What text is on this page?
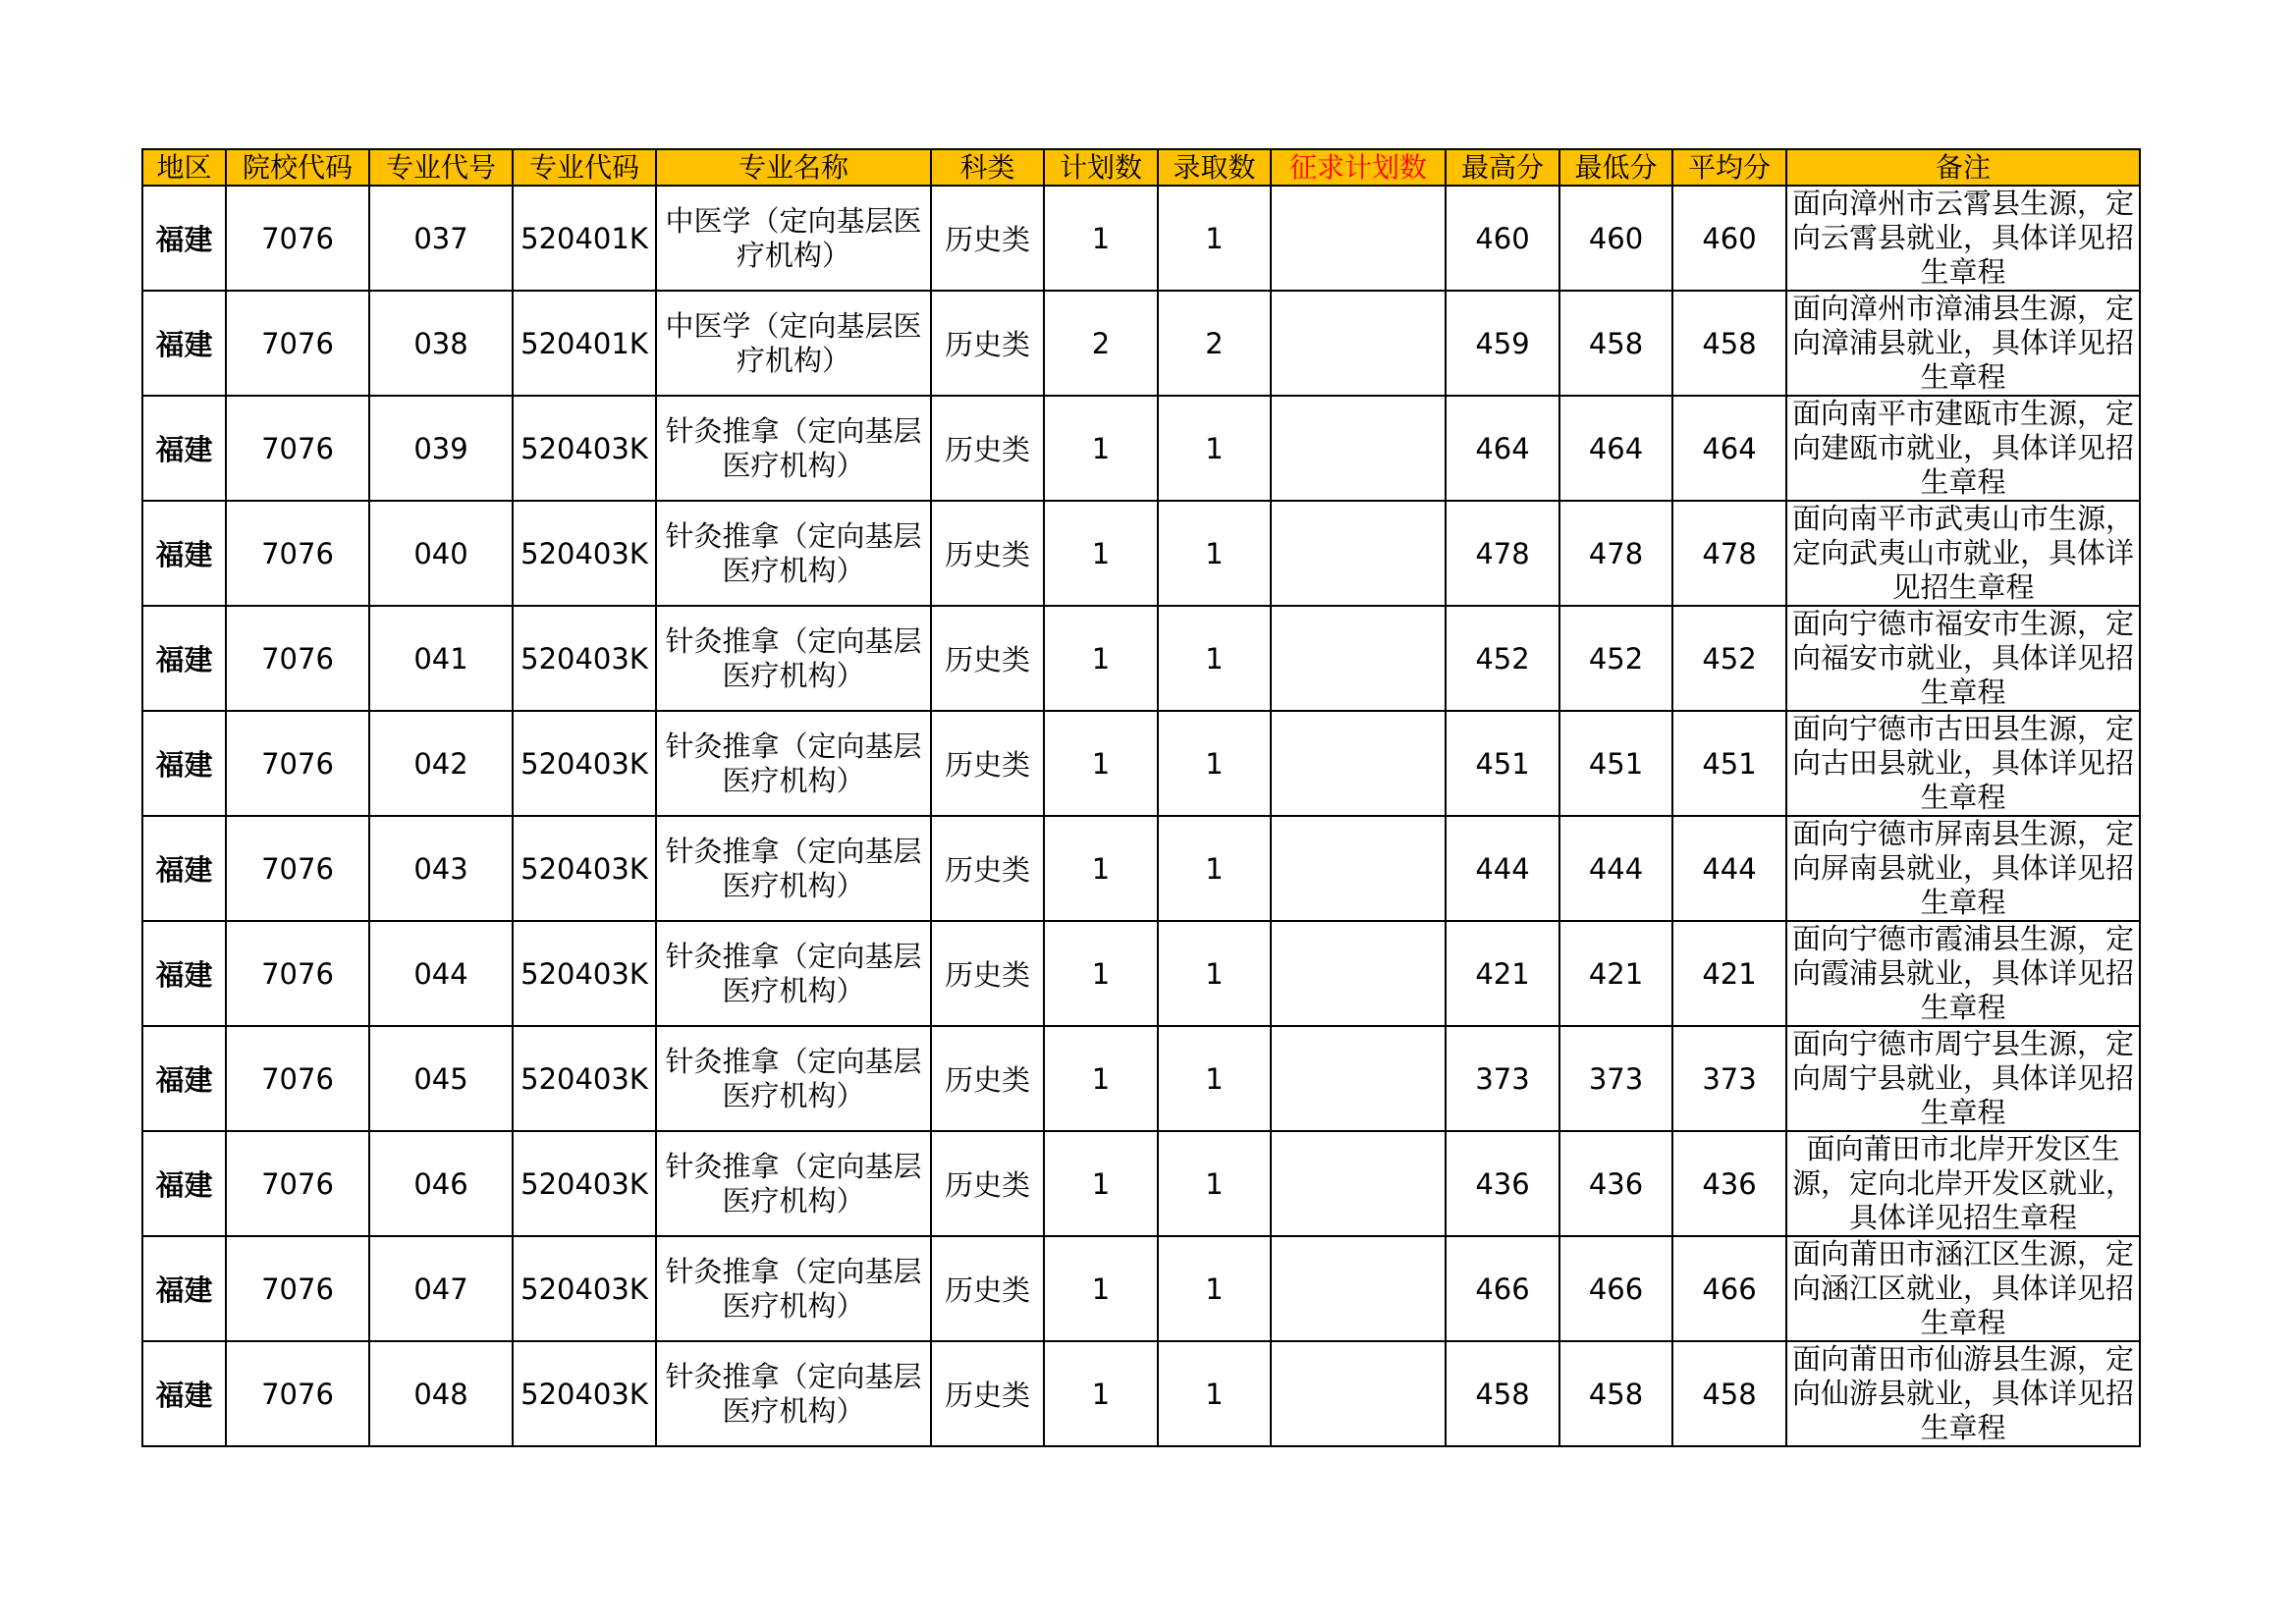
地区	院校代码	专业代号	专业代码	专业名称	科类	计划数	录取数	征求计划数	最高分	最低分	平均分	备注
福建	7076	037	520401K	中医学（定向基层医疗机构）	历史类	1	1		460	460	460	面向漳州市云霄县生源，定向云霄县就业，具体详见招生章程
福建	7076	038	520401K	中医学（定向基层医疗机构）	历史类	2	2		459	458	458	面向漳州市漳浦县生源，定向漳浦县就业，具体详见招生章程
福建	7076	039	520403K	针灸推拿（定向基层医疗机构）	历史类	1	1		464	464	464	面向南平市建瓯市生源，定向建瓯市就业，具体详见招生章程
福建	7076	040	520403K	针灸推拿（定向基层医疗机构）	历史类	1	1		478	478	478	面向南平市武夷山市生源，定向武夷山市就业，具体详见招生章程
福建	7076	041	520403K	针灸推拿（定向基层医疗机构）	历史类	1	1		452	452	452	面向宁德市福安市生源，定向福安市就业，具体详见招生章程
福建	7076	042	520403K	针灸推拿（定向基层医疗机构）	历史类	1	1		451	451	451	面向宁德市古田县生源，定向古田县就业，具体详见招生章程
福建	7076	043	520403K	针灸推拿（定向基层医疗机构）	历史类	1	1		444	444	444	面向宁德市屏南县生源，定向屏南县就业，具体详见招生章程
福建	7076	044	520403K	针灸推拿（定向基层医疗机构）	历史类	1	1		421	421	421	面向宁德市霞浦县生源，定向霞浦县就业，具体详见招生章程
福建	7076	045	520403K	针灸推拿（定向基层医疗机构）	历史类	1	1		373	373	373	面向宁德市周宁县生源，定向周宁县就业，具体详见招生章程
福建	7076	046	520403K	针灸推拿（定向基层医疗机构）	历史类	1	1		436	436	436	面向莆田市北岸开发区生源，定向北岸开发区就业，具体详见招生章程
福建	7076	047	520403K	针灸推拿（定向基层医疗机构）	历史类	1	1		466	466	466	面向莆田市涵江区生源，定向涵江区就业，具体详见招生章程
福建	7076	048	520403K	针灸推拿（定向基层医疗机构）	历史类	1	1		458	458	458	面向莆田市仙游县生源，定向仙游县就业，具体详见招生章程
